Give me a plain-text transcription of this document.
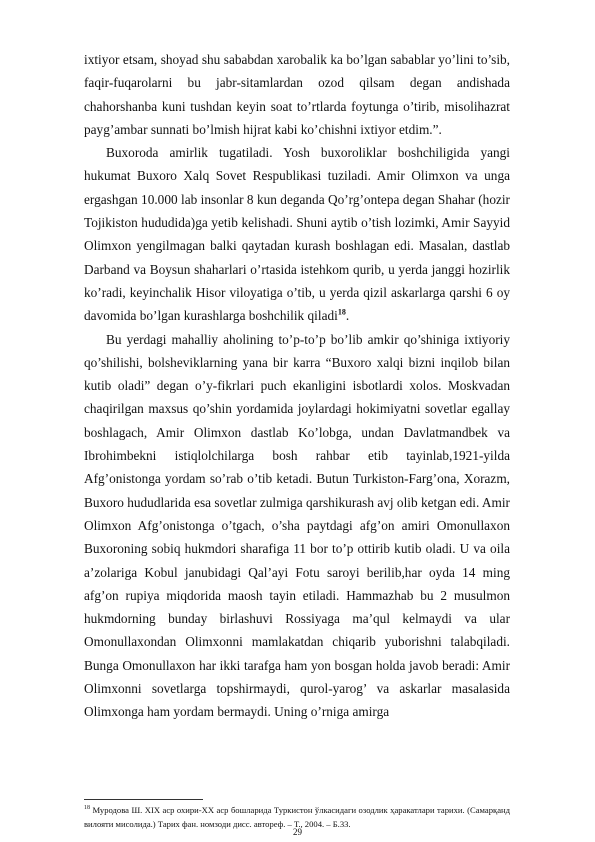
ixtiyor etsam, shoyad shu sababdan xarobalik ka bo’lgan sabablar yo’lini to’sib, faqir-fuqarolarni bu jabr-sitamlardan ozod qilsam degan andishada chahorshanba kuni tushdan keyin soat to’rtlarda foytunga o’tirib, misolihazrat payg’ambar sunnati bo’lmish hijrat kabi ko’chishni ixtiyor etdim.”.

Buxoroda amirlik tugatiladi. Yosh buxoroliklar boshchiligida yangi hukumat Buxoro Xalq Sovet Respublikasi tuziladi. Amir Olimxon va unga ergashgan 10.000 lab insonlar 8 kun deganda Qo’rg’ontepa degan Shahar (hozir Tojikiston hududida)ga yetib kelishadi. Shuni aytib o’tish lozimki, Amir Sayyid Olimxon yengilmagan balki qaytadan kurash boshlagan edi. Masalan, dastlab Darband va Boysun shaharlari o’rtasida istehkom qurib, u yerda janggi hozirlik ko’radi, keyinchalik Hisor viloyatiga o’tib, u yerda qizil askarlarga qarshi 6 oy davomida bo’lgan kurashlarga boshchilik qiladi$^{18}$.

Bu yerdagi mahalliy aholining to’p-to’p bo’lib amkir qo’shiniga ixtiyoriy qo’shilishi, bolsheviklarning yana bir karra “Buxoro xalqi bizni inqilob bilan kutib oladi” degan o’y-fikrlari puch ekanligini isbotlardi xolos. Moskvadan chaqirilgan maxsus qo’shin yordamida joylardagi hokimiyatni sovetlar egallay boshlagach, Amir Olimxon dastlab Ko’lobga, undan Davlatmandbek va Ibrohimbekni istiqlolchilarga bosh rahbar etib tayinlab,1921-yilda Afg’onistonga yordam so’rab o’tib ketadi. Butun Turkiston-Farg’ona, Xorazm, Buxoro hududlarida esa sovetlar zulmiga qarshikurash avj olib ketgan edi. Amir Olimxon Afg’onistonga o’tgach, o’sha paytdagi afg’on amiri Omonullaxon Buxoroning sobiq hukmdori sharafiga 11 bor to’p ottirib kutib oladi. U va oila a’zolariga Kobul janubidagi Qal’ayi Fotu saroyi berilib,har oyda 14 ming afg’on rupiya miqdorida maosh tayin etiladi. Hammazhab bu 2 musulmon hukmdorning bunday birlashuvi Rossiyaga ma’qul kelmaydi va ular Omonullaxondan Olimxonni mamlakatdan chiqarib yuborishni talabqiladi. Bunga Omonullaxon har ikki tarafga ham yon bosgan holda javob beradi: Amir Olimxonni sovetlarga topshirmaydi, qurol-yarog’ va askarlar masalasida Olimxonga ham yordam bermaydi. Uning o’rniga amirga

$^{18}$ Муродова Ш. XIX аср охири-XX аср бошларида Туркистон ўлкасидаги озодлик ҳаракатлари тарихи. (Самарқанд вилояти мисолида.) Тарих фан. номзоди дисс. автореф. – Т., 2004. – Б.33.

29
